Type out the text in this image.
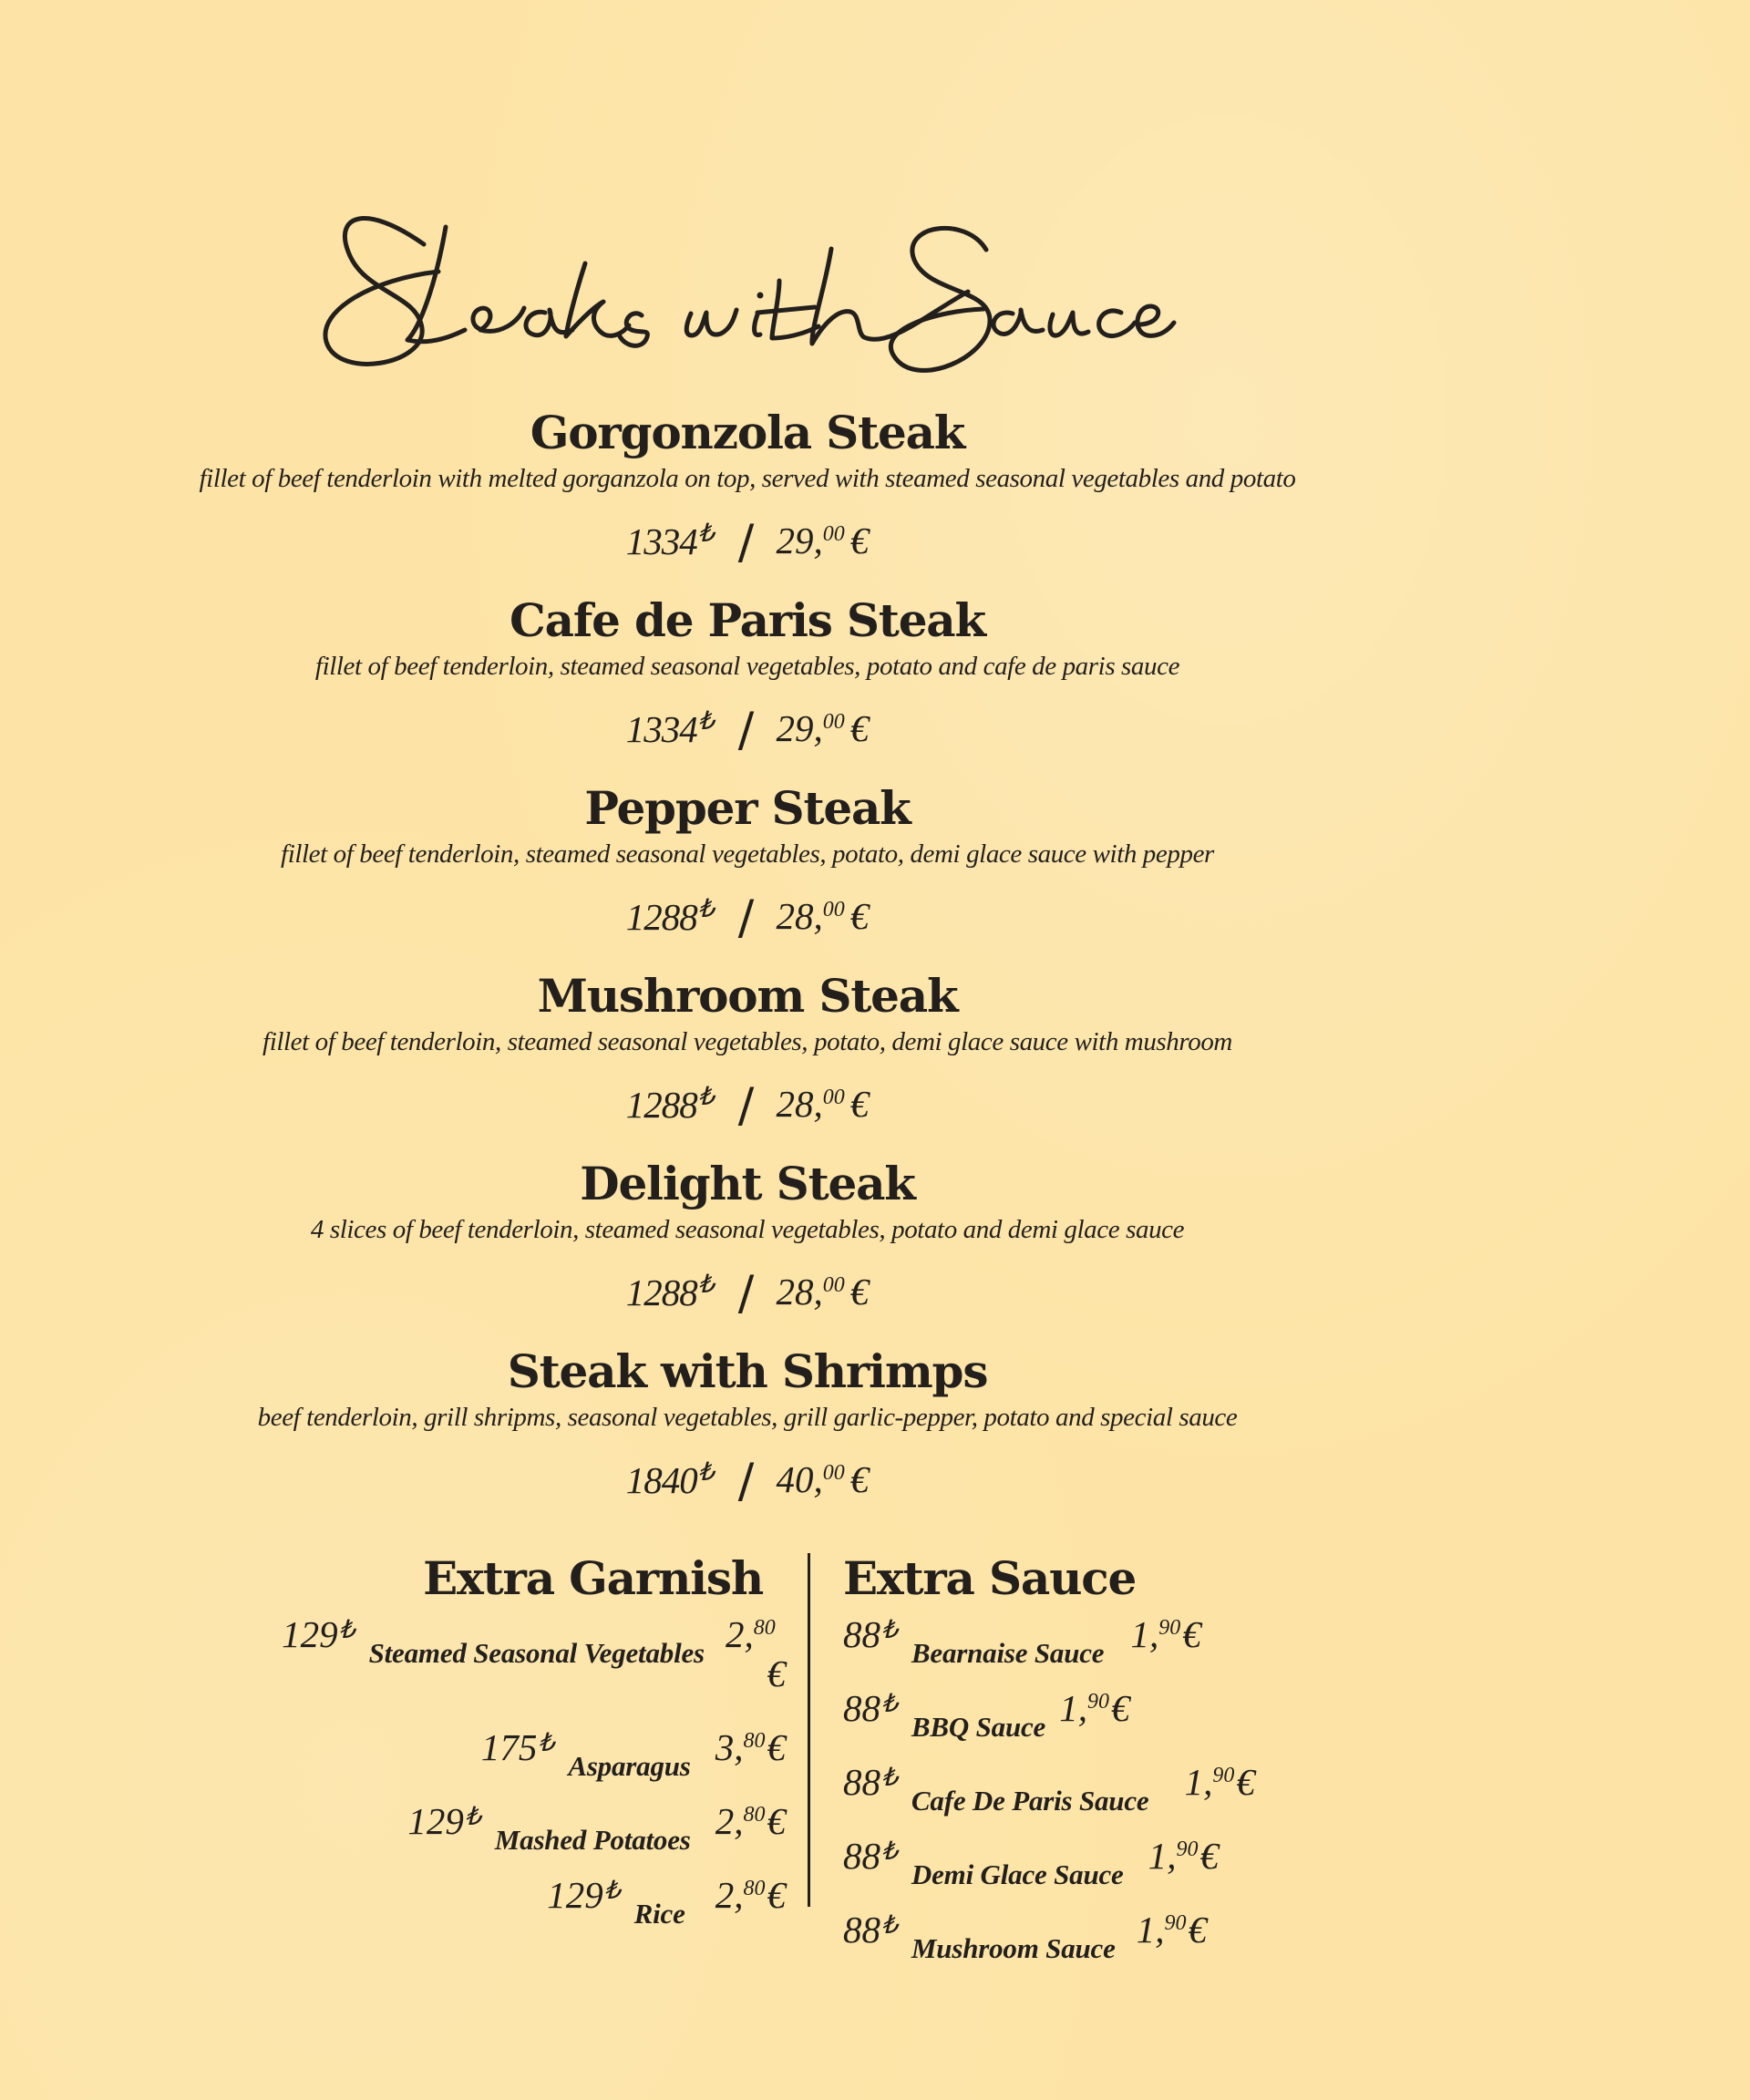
Gorgonzola Steak
fillet of beef tenderloin with melted gorganzola on top, served with steamed seasonal vegetables and potato
1334₺ / 29,00 €
Cafe de Paris Steak
fillet of beef tenderloin, steamed seasonal vegetables, potato and cafe de paris sauce
1334₺ / 29,00 €
Pepper Steak
fillet of beef tenderloin, steamed seasonal vegetables, potato, demi glace sauce with pepper
1288₺ / 28,00 €
Mushroom Steak
fillet of beef tenderloin, steamed seasonal vegetables, potato, demi glace sauce with mushroom
1288₺ / 28,00 €
Delight Steak
4 slices of beef tenderloin, steamed seasonal vegetables, potato and demi glace sauce
1288₺ / 28,00 €
Steak with Shrimps
beef tenderloin, grill shripms, seasonal vegetables, grill garlic-pepper, potato and special sauce
1840₺ / 40,00 €
Extra Garnish Extra Sauce
129₺ Steamed Seasonal Vegetables 2,80
€
175₺ Asparagus 3,80€
129₺ Mashed Potatoes 2,80€
129₺ Rice 2,80€
88₺ Bearnaise Sauce 1,90€
88₺ BBQ Sauce 1,90€
88₺ Cafe De Paris Sauce 1,90€
88₺ Demi Glace Sauce 1,90€
88₺ Mushroom Sauce 1,90€
